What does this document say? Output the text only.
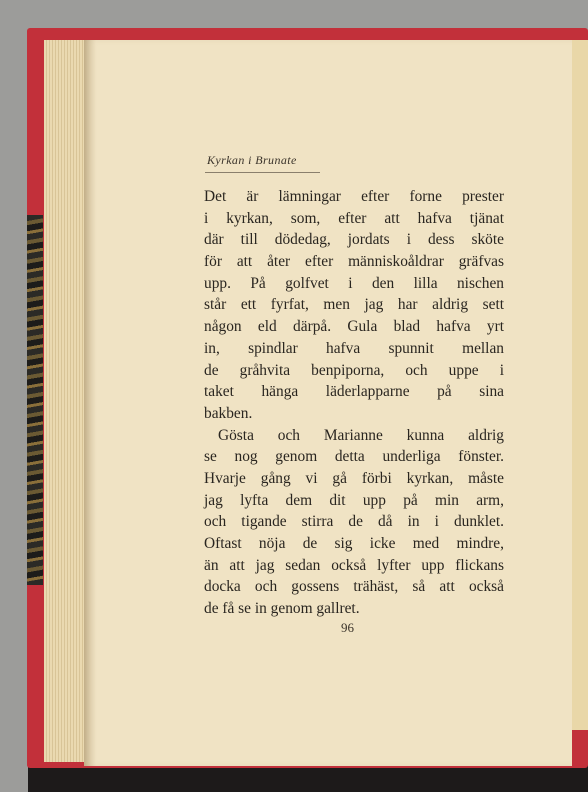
Kyrkan i Brunate
Det är lämningar efter forne prester
i kyrkan, som, efter att hafva tjänat
där till dödedag, jordats i dess sköte
för att åter efter människoåldrar gräfvas
upp. På golfvet i den lilla nischen
står ett fyrfat, men jag har aldrig sett
någon eld därpå. Gula blad hafva yrt
in, spindlar hafva spunnit mellan
de gråhvita benpiporna, och uppe i
taket hänga läderlapparne på sina
bakben.
Gösta och Marianne kunna aldrig
se nog genom detta underliga fönster.
Hvarje gång vi gå förbi kyrkan, måste
jag lyfta dem dit upp på min arm,
och tigande stirra de då in i dunklet.
Oftast nöja de sig icke med mindre,
än att jag sedan också lyfter upp flickans
docka och gossens trähäst, så att också
de få se in genom gallret.
96
